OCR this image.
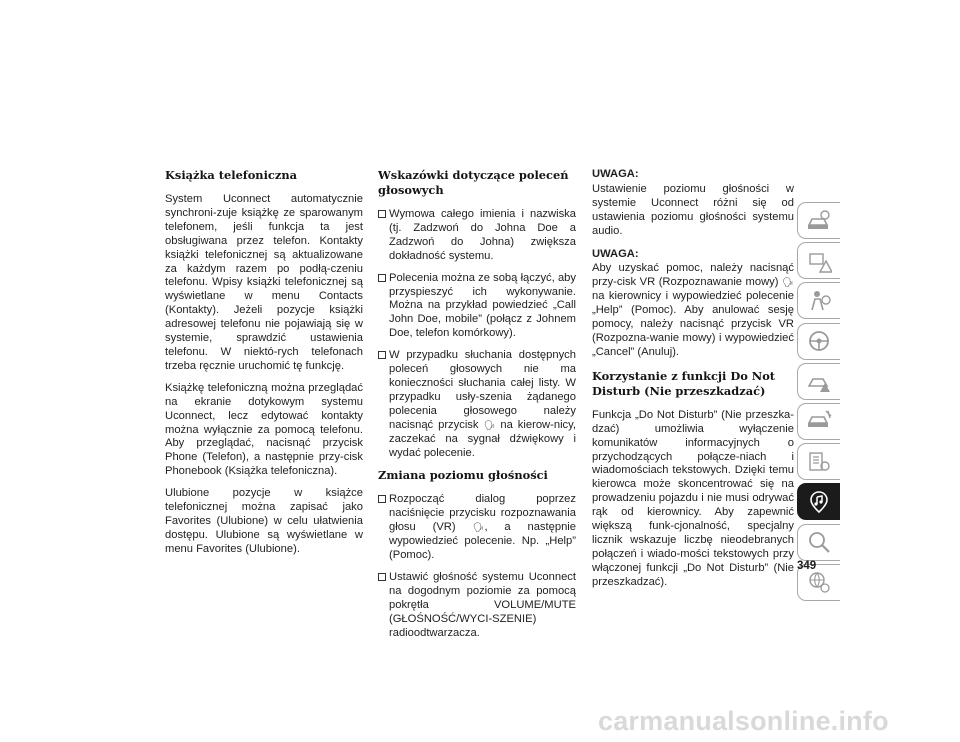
Książka telefoniczna

System Uconnect automatycznie synchroni-zuje książkę ze sparowanym telefonem, jeśli funkcja ta jest obsługiwana przez telefon. Kontakty książki telefonicznej są aktualizowane za każdym razem po podłą-czeniu telefonu. Wpisy książki telefonicznej są wyświetlane w menu Contacts (Kontakty). Jeżeli pozycje książki adresowej telefonu nie pojawiają się w systemie, sprawdzić ustawienia telefonu. W niektó-rych telefonach trzeba ręcznie uruchomić tę funkcję.

Książkę telefoniczną można przeglądać na ekranie dotykowym systemu Uconnect, lecz edytować kontakty można wyłącznie za pomocą telefonu. Aby przeglądać, nacisnąć przycisk Phone (Telefon), a następnie przy-cisk Phonebook (Książka telefoniczna).

Ulubione pozycje w książce telefonicznej można zapisać jako Favorites (Ulubione) w celu ułatwienia dostępu. Ulubione są wyświetlane w menu Favorites (Ulubione).

Wskazówki dotyczące poleceń głosowych
Wymowa całego imienia i nazwiska (tj. Zadzwoń do Johna Doe a Zadzwoń do Johna) zwiększa dokładność systemu.
Polecenia można ze sobą łączyć, aby przyspieszyć ich wykonywanie. Można na przykład powiedzieć „Call John Doe, mobile” (połącz z Johnem Doe, telefon komórkowy).
W przypadku słuchania dostępnych poleceń głosowych nie ma konieczności słuchania całej listy. W przypadku usły-szenia żądanego polecenia głosowego należy nacisnąć przycisk 🗣 na kierow-nicy, zaczekać na sygnał dźwiękowy i wydać polecenie.
Zmiana poziomu głośności
Rozpocząć dialog poprzez naciśnięcie przycisku rozpoznawania głosu (VR) 🗣, a następnie wypowiedzieć polecenie. Np. „Help” (Pomoc).
Ustawić głośność systemu Uconnect na dogodnym poziomie za pomocą pokrętła VOLUME/MUTE (GŁOŚNOŚĆ/WYCI-SZENIE) radioodtwarzacza.

UWAGA:

Ustawienie poziomu głośności w systemie Uconnect różni się od ustawienia poziomu głośności systemu audio.

UWAGA:

Aby uzyskać pomoc, należy nacisnąć przy-cisk VR (Rozpoznawanie mowy) 🗣 na kierownicy i wypowiedzieć polecenie „Help” (Pomoc). Aby anulować sesję pomocy, należy nacisnąć przycisk VR (Rozpozna-wanie mowy) i wypowiedzieć „Cancel” (Anuluj).

Korzystanie z funkcji Do Not Disturb (Nie przeszkadzać)

Funkcja „Do Not Disturb” (Nie przeszka-dzać) umożliwia wyłączenie komunikatów informacyjnych o przychodzących połącze-niach i wiadomościach tekstowych. Dzięki temu kierowca może skoncentrować się na prowadzeniu pojazdu i nie musi odrywać rąk od kierownicy. Aby zapewnić większą funk-cjonalność, specjalny licznik wskazuje liczbę nieodebranych połączeń i wiado-mości tekstowych przy włączonej funkcji „Do Not Disturb” (Nie przeszkadzać).

349
carmanualsonline.info
